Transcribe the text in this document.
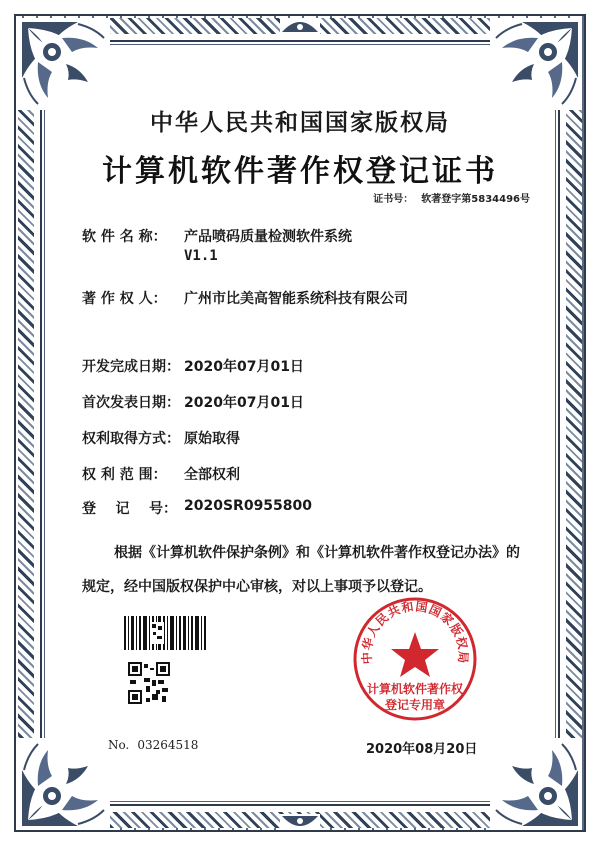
中华人民共和国国家版权局
计算机软件著作权登记证书
证书号： 软著登字第5834496号
软 件 名 称： 产品喷码质量检测软件系统
V1.1
著 作 权 人： 广州市比美高智能系统科技有限公司
开发完成日期： 2020年07月01日
首次发表日期： 2020年07月01日
权利取得方式： 原始取得
权 利 范 围： 全部权利
登    记    号： 2020SR0955800
根据《计算机软件保护条例》和《计算机软件著作权登记办法》的
规定，经中国版权保护中心审核，对以上事项予以登记。
No. 03264518
中华人民共和国国家版权局
计算机软件著作权
登记专用章
2020年08月20日
